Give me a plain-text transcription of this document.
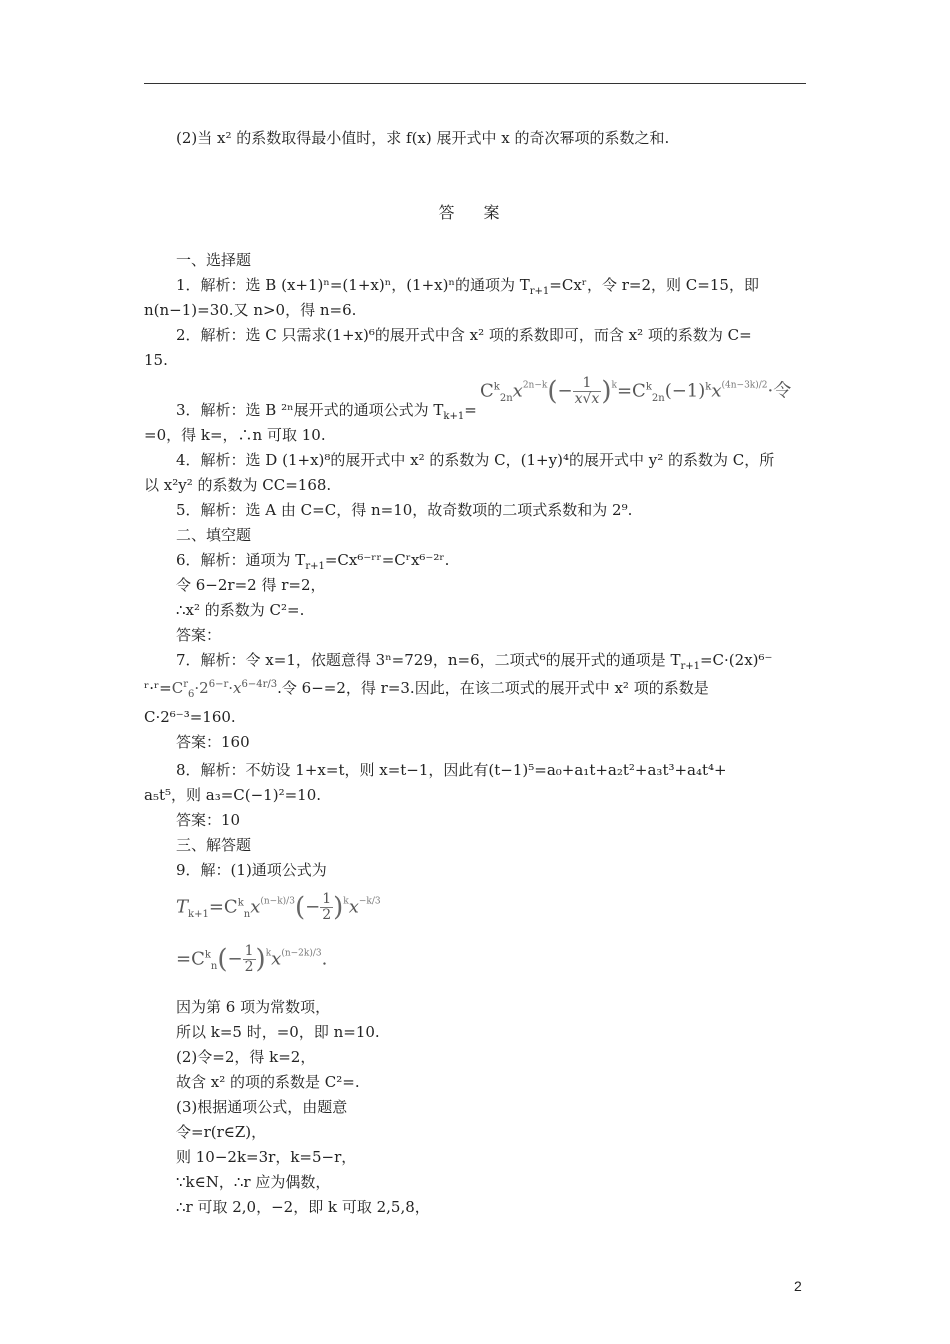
(2)当 x² 的系数取得最小值时，求 f(x) 展开式中 x 的奇次幂项的系数之和.
答 案
一、选择题
1．解析：选 B (x+1)ⁿ=(1+x)ⁿ，(1+x)ⁿ的通项为 $T_{r+1}=Cxʳ$，令 r=2，则 C=15，即
n(n−1)=30.又 n>0，得 n=6.
2．解析：选 C 只需求(1+x)⁶的展开式中含 x² 项的系数即可，而含 x² 项的系数为 C=
15.
3．解析：选 B ²ⁿ展开式的通项公式为 $T_{k+1}=$
$C^k_{2n}x^{2n-k}(- \frac{1}{x√x} )^k=C^k_{2n}(-1)^kx^{(4n-3k)/2}\cdot$令
=0，得 k=，∴n 可取 10.
4．解析：选 D (1+x)⁸的展开式中 x² 的系数为 C，(1+y)⁴的展开式中 y² 的系数为 C，所
以 x²y² 的系数为 CC=168.
5．解析：选 A 由 C=C，得 n=10，故奇数项的二项式系数和为 2⁹.
二、填空题
6．解析：通项为 $T_{r+1}=Cx^{6-}ʳʳ=Cʳx^{6-2}ʳ$.
令 6−2r=2 得 r=2，
∴x² 的系数为 C²=.
答案：
7．解析：令 x=1，依题意得 3ⁿ=729，n=6，二项式⁶的展开式的通项是 $T_{r+1}=C\cdot(2x)^{6-}$
$ʳ\cdot ʳ=C^r_6\cdot 2^{6-r}\cdot x^{6-4r/3}$.令 6−=2，得 r=3.因此，在该二项式的展开式中 x² 项的系数是
C·2⁶⁻³=160.
答案：160
8．解析：不妨设 1+x=t，则 x=t−1，因此有(t−1)⁵=a₀+a₁t+a₂t²+a₃t³+a₄t⁴+
a₅t⁵，则 a₃=C(−1)²=10.
答案：10
三、解答题
9．解：(1)通项公式为
$T_{k+1}=C^k_nx^{(n-k)/3}(- \frac{1}{2} )^kx^{-k/3}$
$=C^k_n(- \frac{1}{2} )^kx^{(n-2k)/3}$.
因为第 6 项为常数项，
所以 k=5 时，=0，即 n=10.
(2)令=2，得 k=2，
故含 x² 的项的系数是 C²=.
(3)根据通项公式，由题意
令=r(r∈Z)，
则 10−2k=3r，k=5−r，
∵k∈N，∴r 应为偶数，
∴r 可取 2,0，−2，即 k 可取 2,5,8，
2
